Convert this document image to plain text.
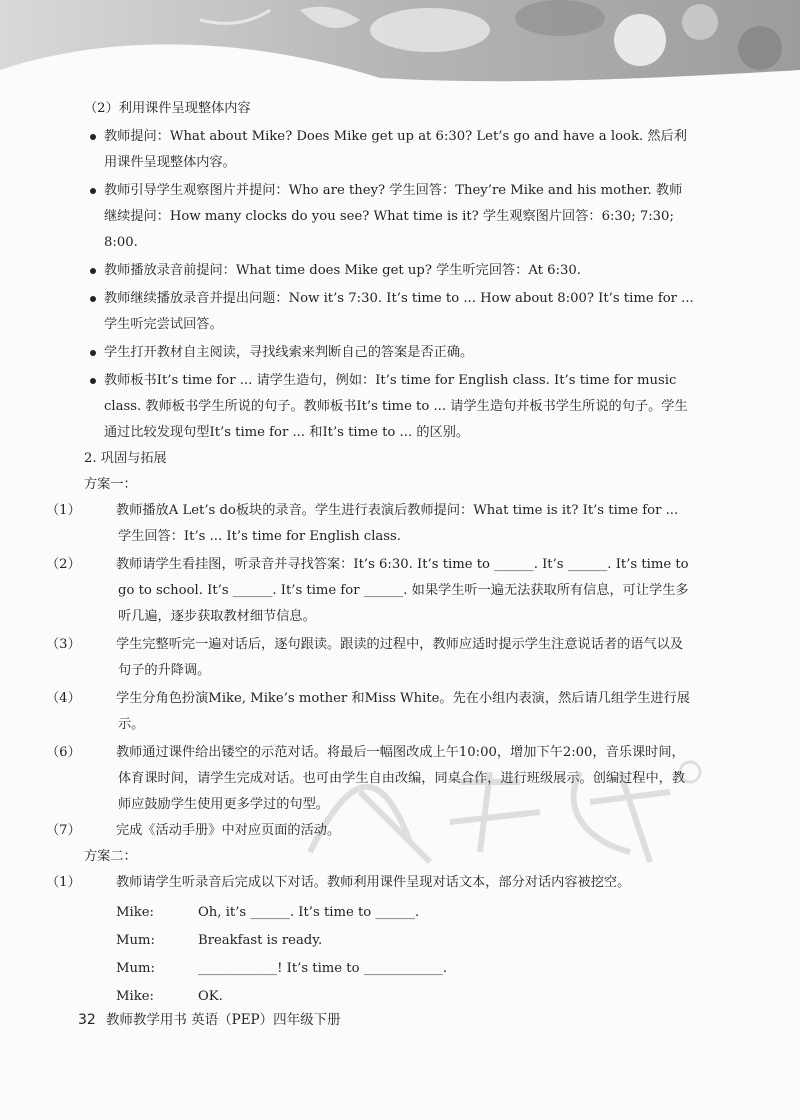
（2）利用课件呈现整体内容
教师提问：What about Mike? Does Mike get up at 6:30? Let’s go and have a look. 然后利用课件呈现整体内容。
教师引导学生观察图片并提问：Who are they? 学生回答：They’re Mike and his mother. 教师继续提问：How many clocks do you see? What time is it? 学生观察图片回答：6:30; 7:30; 8:00.
教师播放录音前提问：What time does Mike get up? 学生听完回答：At 6:30.
教师继续播放录音并提出问题：Now it’s 7:30. It’s time to ... How about 8:00? It’s time for ... 学生听完尝试回答。
学生打开教材自主阅读，寻找线索来判断自己的答案是否正确。
教师板书It’s time for ... 请学生造句，例如：It’s time for English class. It’s time for music class. 教师板书学生所说的句子。教师板书It’s time to ... 请学生造句并板书学生所说的句子。学生通过比较发现句型It’s time for ... 和It’s time to ... 的区别。
2. 巩固与拓展
方案一：
（1）	教师播放A Let’s do板块的录音。学生进行表演后教师提问：What time is it? It’s time for ... 学生回答：It’s ... It’s time for English class.
（2）	教师请学生看挂图，听录音并寻找答案：It’s 6:30. It’s time to ______. It’s ______. It’s time to go to school. It’s ______. It’s time for ______. 如果学生听一遍无法获取所有信息，可让学生多听几遍，逐步获取教材细节信息。
（3）	学生完整听完一遍对话后，逐句跟读。跟读的过程中，教师应适时提示学生注意说话者的语气以及句子的升降调。
（4）	学生分角色扮演Mike, Mike’s mother 和Miss White。先在小组内表演，然后请几组学生进行展示。
（6）	教师通过课件给出镂空的示范对话。将最后一幅图改成上午10:00，增加下午2:00，音乐课时间，体育课时间，请学生完成对话。也可由学生自由改编，同桌合作，进行班级展示。创编过程中，教师应鼓励学生使用更多学过的句型。
（7）	完成《活动手册》中对应页面的活动。
方案二：
（1）	教师请学生听录音后完成以下对话。教师利用课件呈现对话文本，部分对话内容被挖空。
Mike:	Oh, it’s ______. It’s time to ______.
Mum:	Breakfast is ready.
Mum:	____________! It’s time to ____________.
Mike:	OK.
32 教师教学用书 英语（PEP）四年级下册
